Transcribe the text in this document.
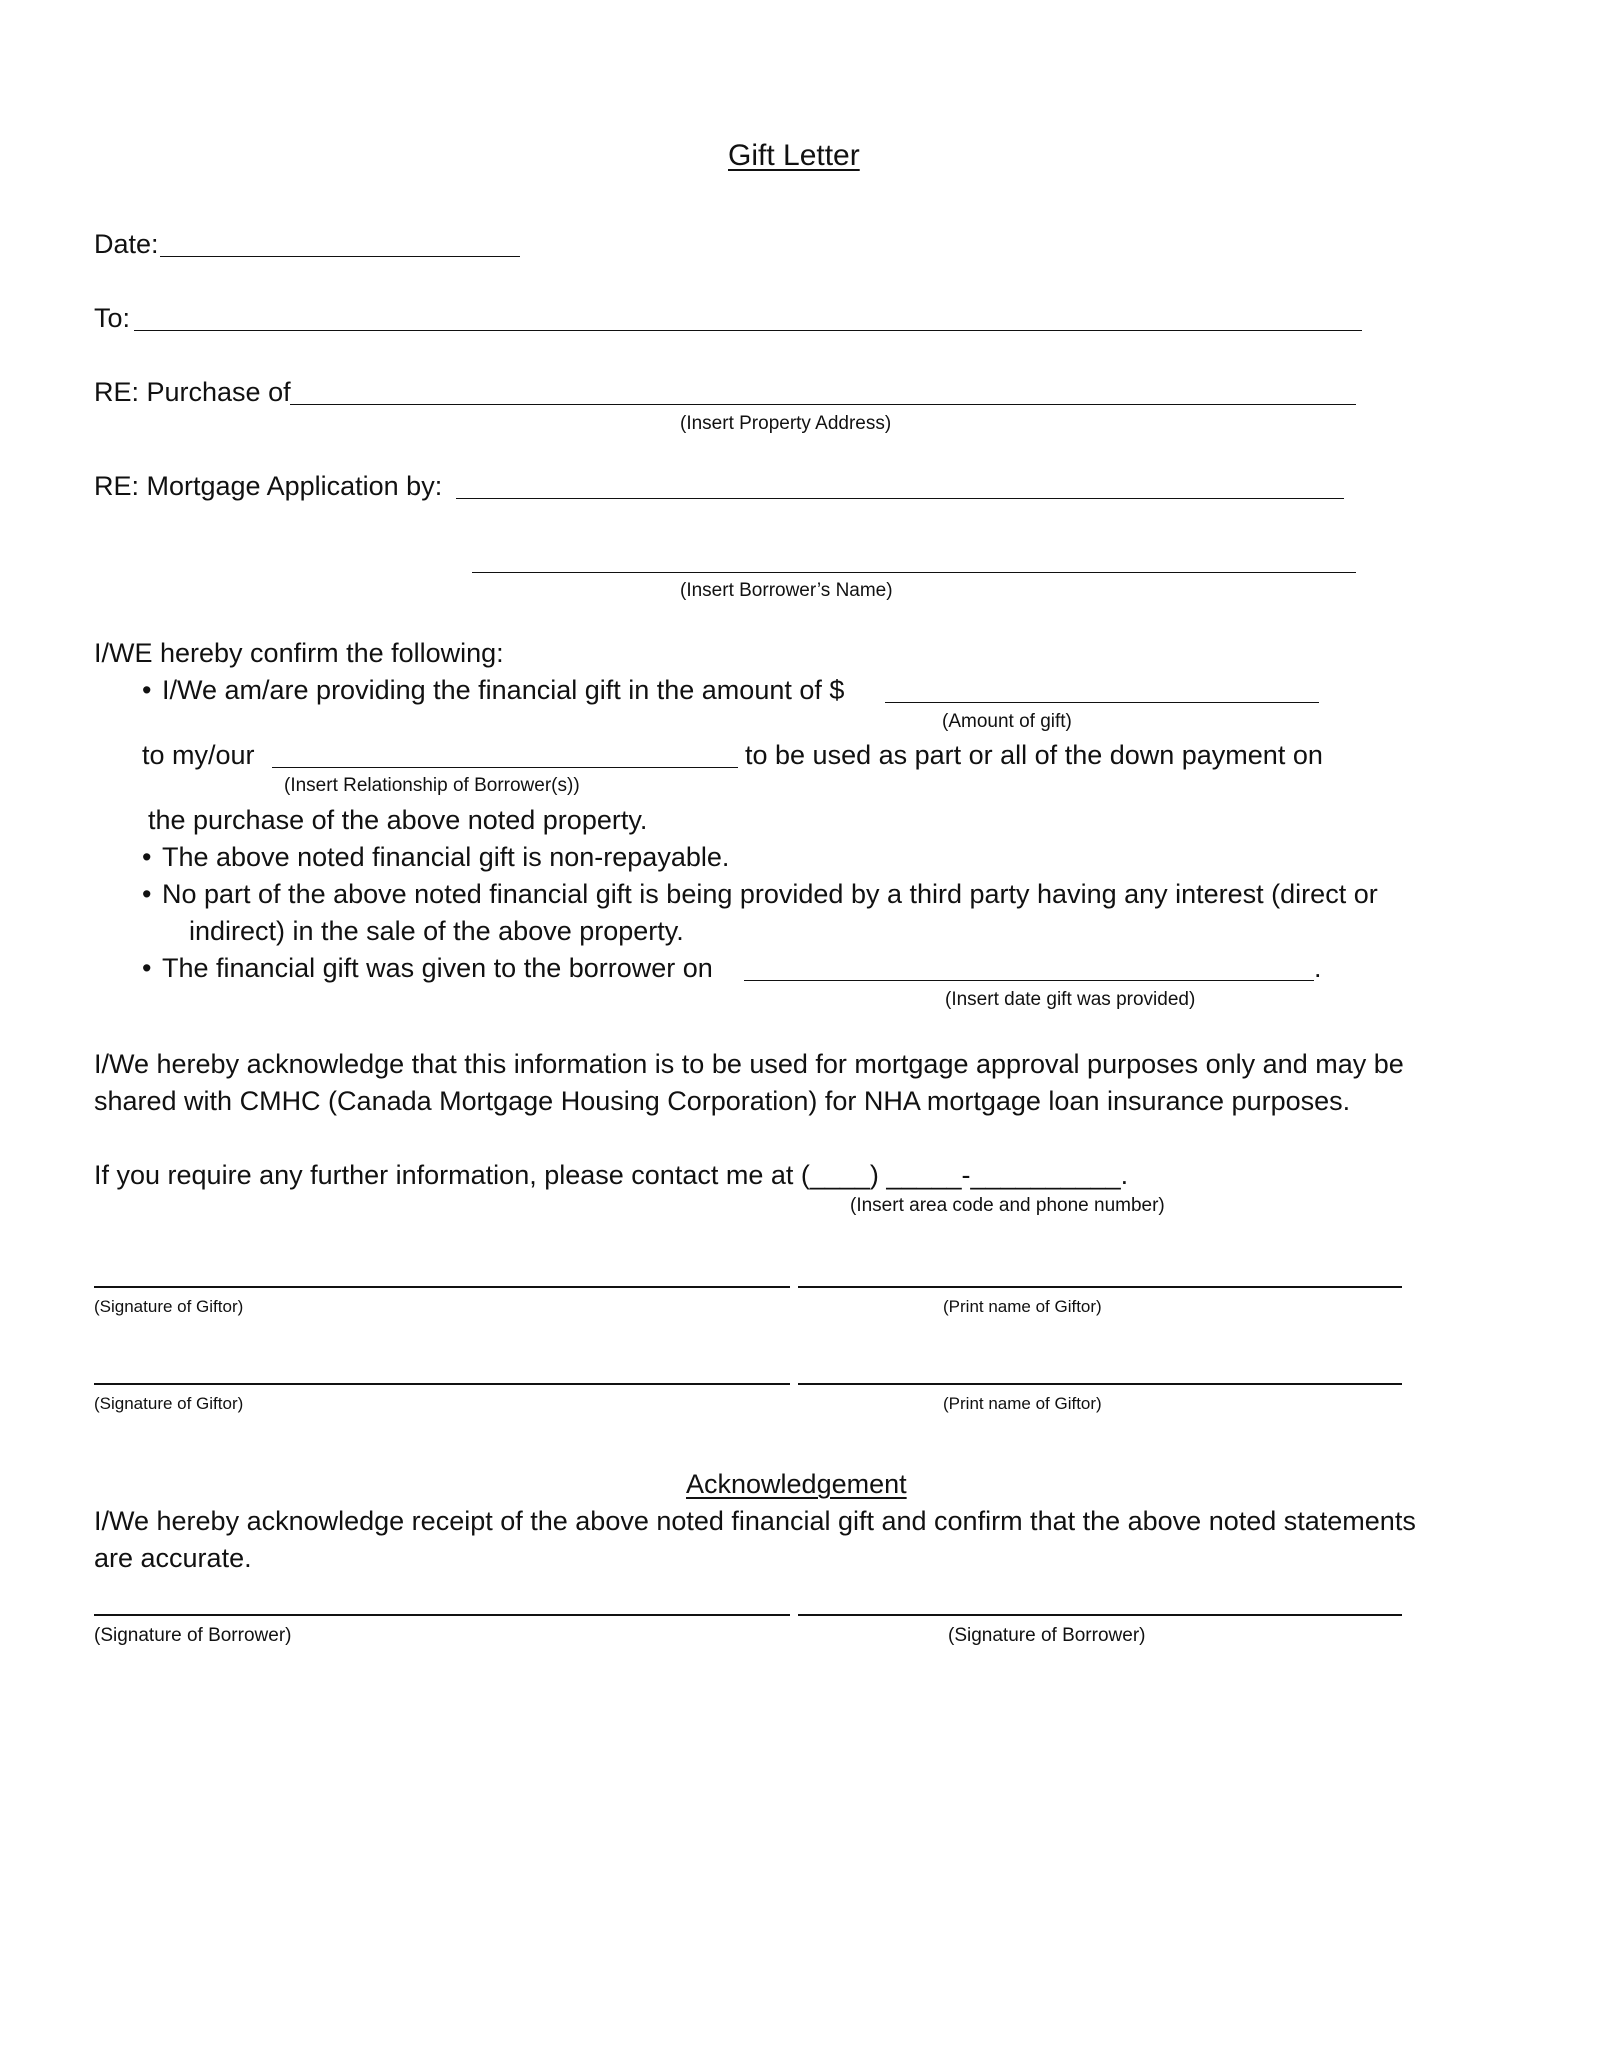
Gift Letter
Date:
To:
RE: Purchase of
(Insert Property Address)
RE: Mortgage Application by:
(Insert Borrower’s Name)
I/WE hereby confirm the following:
• I/We am/are providing the financial gift in the amount of $
(Amount of gift)
to my/our	to be used as part or all of the down payment on
(Insert Relationship of Borrower(s))
the purchase of the above noted property.
• The above noted financial gift is non-repayable.
• No part of the above noted financial gift is being provided by a third party having any interest (direct or
indirect) in the sale of the above property.
• The financial gift was given to the borrower on	.
(Insert date gift was provided)
I/We hereby acknowledge that this information is to be used for mortgage approval purposes only and may be
shared with CMHC (Canada Mortgage Housing Corporation) for NHA mortgage loan insurance purposes.
If you require any further information, please contact me at (____) _____-__________.
(Insert area code and phone number)
(Signature of Giftor)	(Print name of Giftor)
(Signature of Giftor)	(Print name of Giftor)
Acknowledgement
I/We hereby acknowledge receipt of the above noted financial gift and confirm that the above noted statements
are accurate.
(Signature of Borrower)	(Signature of Borrower)
